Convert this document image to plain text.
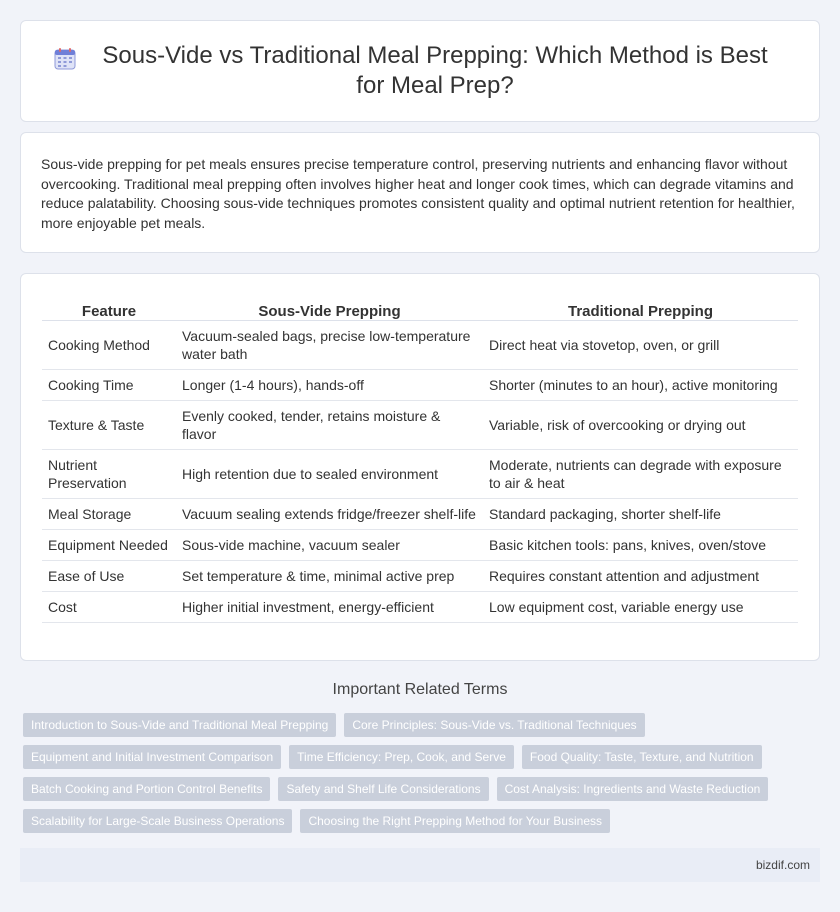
Sous-Vide vs Traditional Meal Prepping: Which Method is Best for Meal Prep?

Sous-vide prepping for pet meals ensures precise temperature control, preserving nutrients and enhancing flavor without overcooking. Traditional meal prepping often involves higher heat and longer cook times, which can degrade vitamins and reduce palatability. Choosing sous-vide techniques promotes consistent quality and optimal nutrient retention for healthier, more enjoyable pet meals.

Feature	Sous-Vide Prepping	Traditional Prepping
Cooking Method	Vacuum-sealed bags, precise low-temperature water bath	Direct heat via stovetop, oven, or grill
Cooking Time	Longer (1-4 hours), hands-off	Shorter (minutes to an hour), active monitoring
Texture & Taste	Evenly cooked, tender, retains moisture & flavor	Variable, risk of overcooking or drying out
Nutrient Preservation	High retention due to sealed environment	Moderate, nutrients can degrade with exposure to air & heat
Meal Storage	Vacuum sealing extends fridge/freezer shelf-life	Standard packaging, shorter shelf-life
Equipment Needed	Sous-vide machine, vacuum sealer	Basic kitchen tools: pans, knives, oven/stove
Ease of Use	Set temperature & time, minimal active prep	Requires constant attention and adjustment
Cost	Higher initial investment, energy-efficient	Low equipment cost, variable energy use
Important Related Terms
Introduction to Sous-Vide and Traditional Meal Prepping	Core Principles: Sous-Vide vs. Traditional Techniques
Equipment and Initial Investment Comparison	Time Efficiency: Prep, Cook, and Serve	Food Quality: Taste, Texture, and Nutrition
Batch Cooking and Portion Control Benefits	Safety and Shelf Life Considerations	Cost Analysis: Ingredients and Waste Reduction
Scalability for Large-Scale Business Operations	Choosing the Right Prepping Method for Your Business
bizdif.com
